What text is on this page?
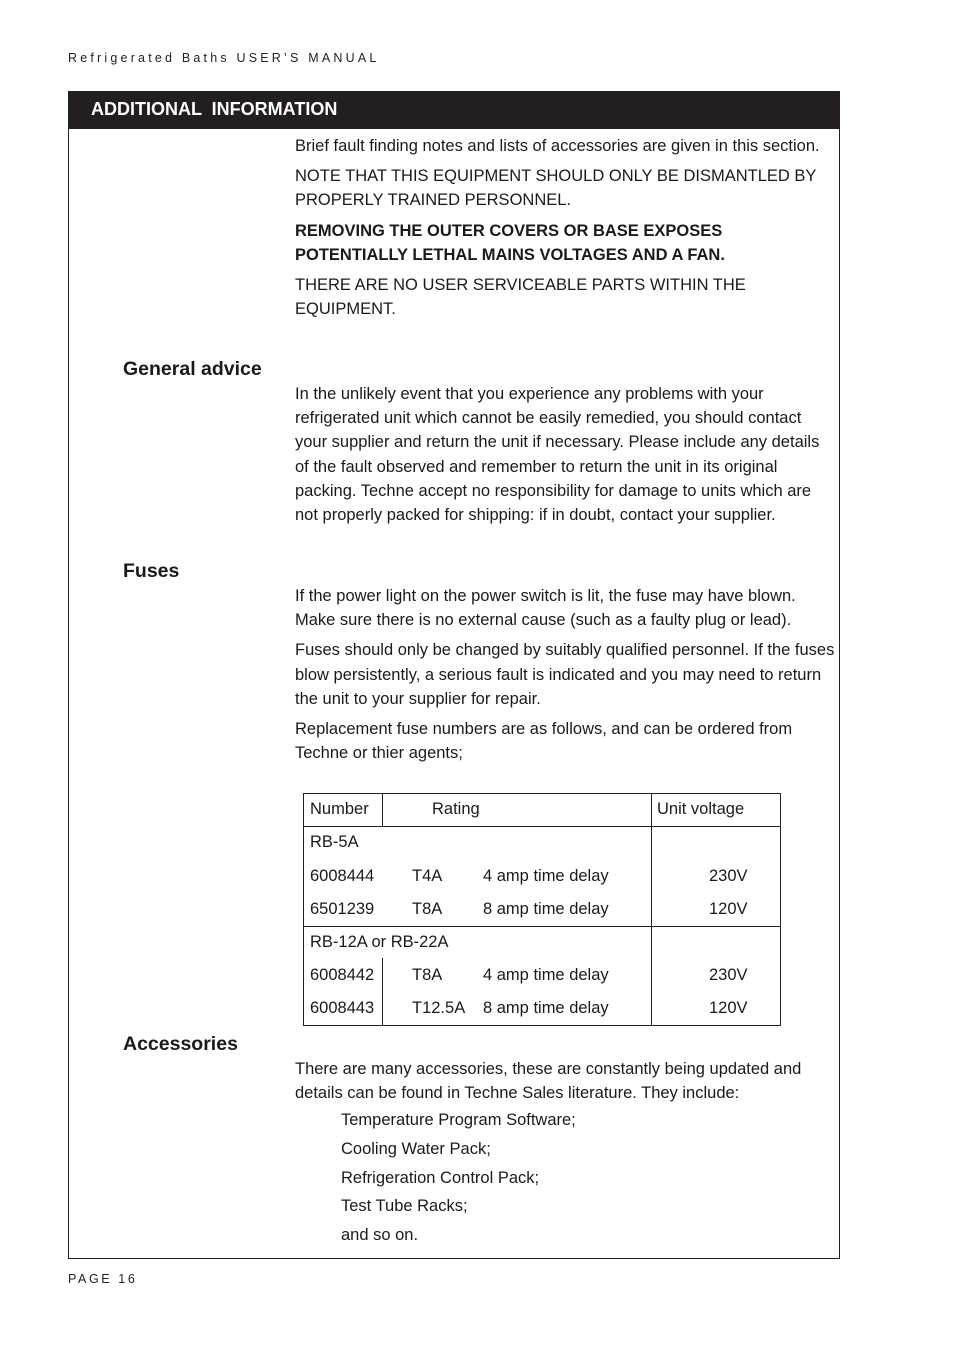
Refrigerated Baths USER’S MANUAL
ADDITIONAL  INFORMATION

Brief fault finding notes and lists of accessories are given in this section.

NOTE THAT THIS EQUIPMENT SHOULD ONLY BE DISMANTLED BY PROPERLY TRAINED PERSONNEL.

REMOVING THE OUTER COVERS OR BASE EXPOSES POTENTIALLY LETHAL MAINS VOLTAGES AND A FAN.

THERE ARE NO USER SERVICEABLE PARTS WITHIN THE EQUIPMENT.

General advice

In the unlikely event that you experience any problems with your refrigerated unit which cannot be easily remedied, you should contact your supplier and return the unit if necessary. Please include any details of the fault observed and remember to return the unit in its original packing. Techne accept no responsibility for damage to units which are not properly packed for shipping: if in doubt, contact your supplier.

Fuses

If the power light on the power switch is lit, the fuse may have blown. Make sure there is no external cause (such as a faulty plug or lead).

Fuses should only be changed by suitably qualified personnel. If the fuses blow persistently, a serious fault is indicated and you may need to return the unit to your supplier for repair.

Replacement fuse numbers are as follows, and can be ordered from Techne or thier agents;

Number	Rating	Unit voltage
RB-5A
6008444 T4A 4 amp time delay	230V
6501239 T8A 8 amp time delay	120V
RB-12A or RB-22A
6008442 T8A 4 amp time delay	230V
6008443 T12.5A 8 amp time delay	120V
Accessories

There are many accessories, these are constantly being updated and details can be found in Techne Sales literature. They include:

Temperature Program Software;
Cooling Water Pack;
Refrigeration Control Pack;
Test Tube Racks;
and so on.
PAGE 16
